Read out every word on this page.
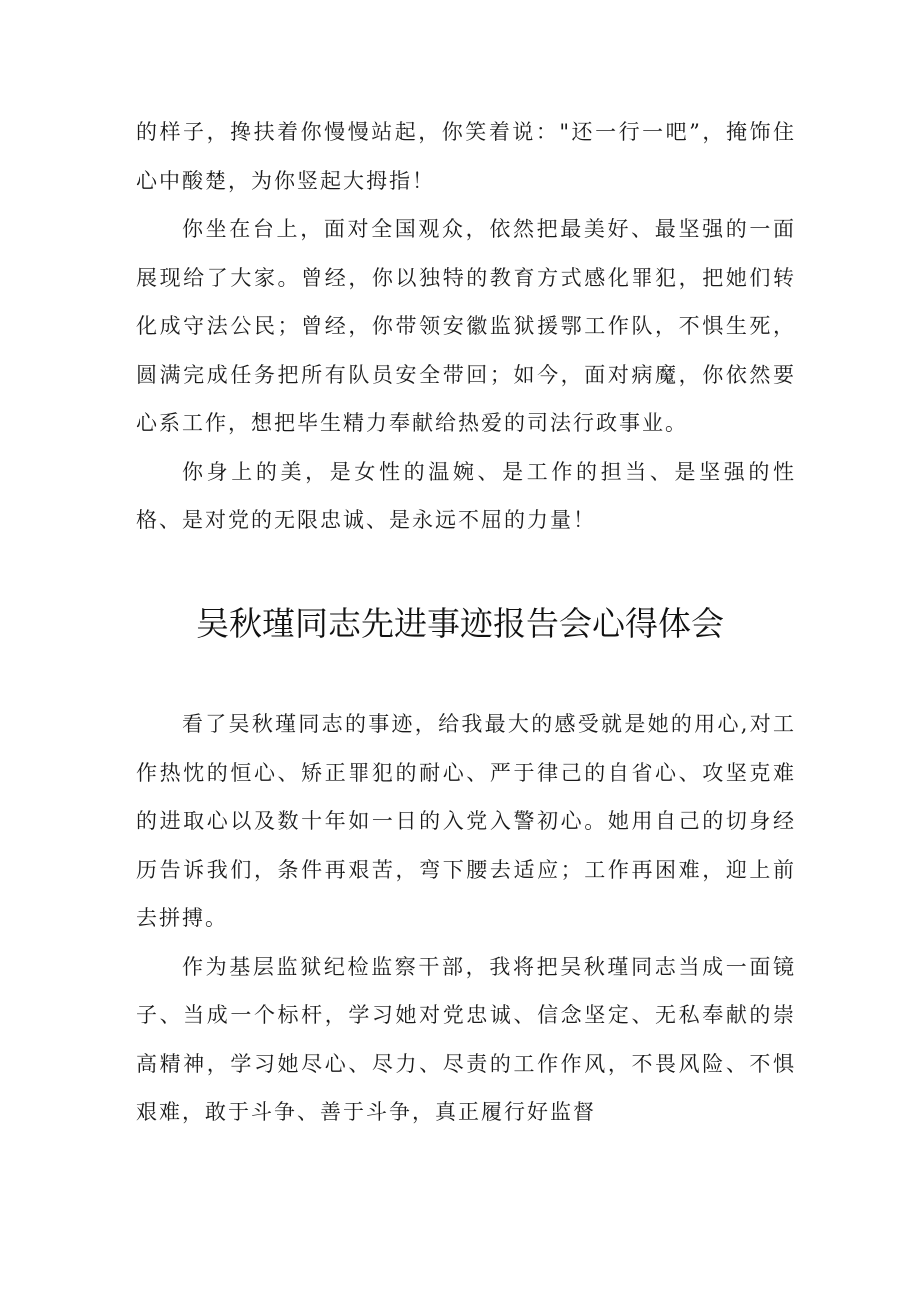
的样子，搀扶着你慢慢站起，你笑着说："还一行一吧”，掩饰住心中酸楚，为你竖起大拇指！

你坐在台上，面对全国观众，依然把最美好、最坚强的一面展现给了大家。曾经，你以独特的教育方式感化罪犯，把她们转化成守法公民；曾经，你带领安徽监狱援鄂工作队，不惧生死，圆满完成任务把所有队员安全带回；如今，面对病魔，你依然要心系工作，想把毕生精力奉献给热爱的司法行政事业。

你身上的美，是女性的温婉、是工作的担当、是坚强的性格、是对党的无限忠诚、是永远不屈的力量！

吴秋瑾同志先进事迹报告会心得体会

看了吴秋瑾同志的事迹，给我最大的感受就是她的用心,对工作热忱的恒心、矫正罪犯的耐心、严于律己的自省心、攻坚克难的进取心以及数十年如一日的入党入警初心。她用自己的切身经历告诉我们，条件再艰苦，弯下腰去适应；工作再困难，迎上前去拼搏。

作为基层监狱纪检监察干部，我将把吴秋瑾同志当成一面镜子、当成一个标杆，学习她对党忠诚、信念坚定、无私奉献的崇高精神，学习她尽心、尽力、尽责的工作作风，不畏风险、不惧艰难，敢于斗争、善于斗争，真正履行好监督
